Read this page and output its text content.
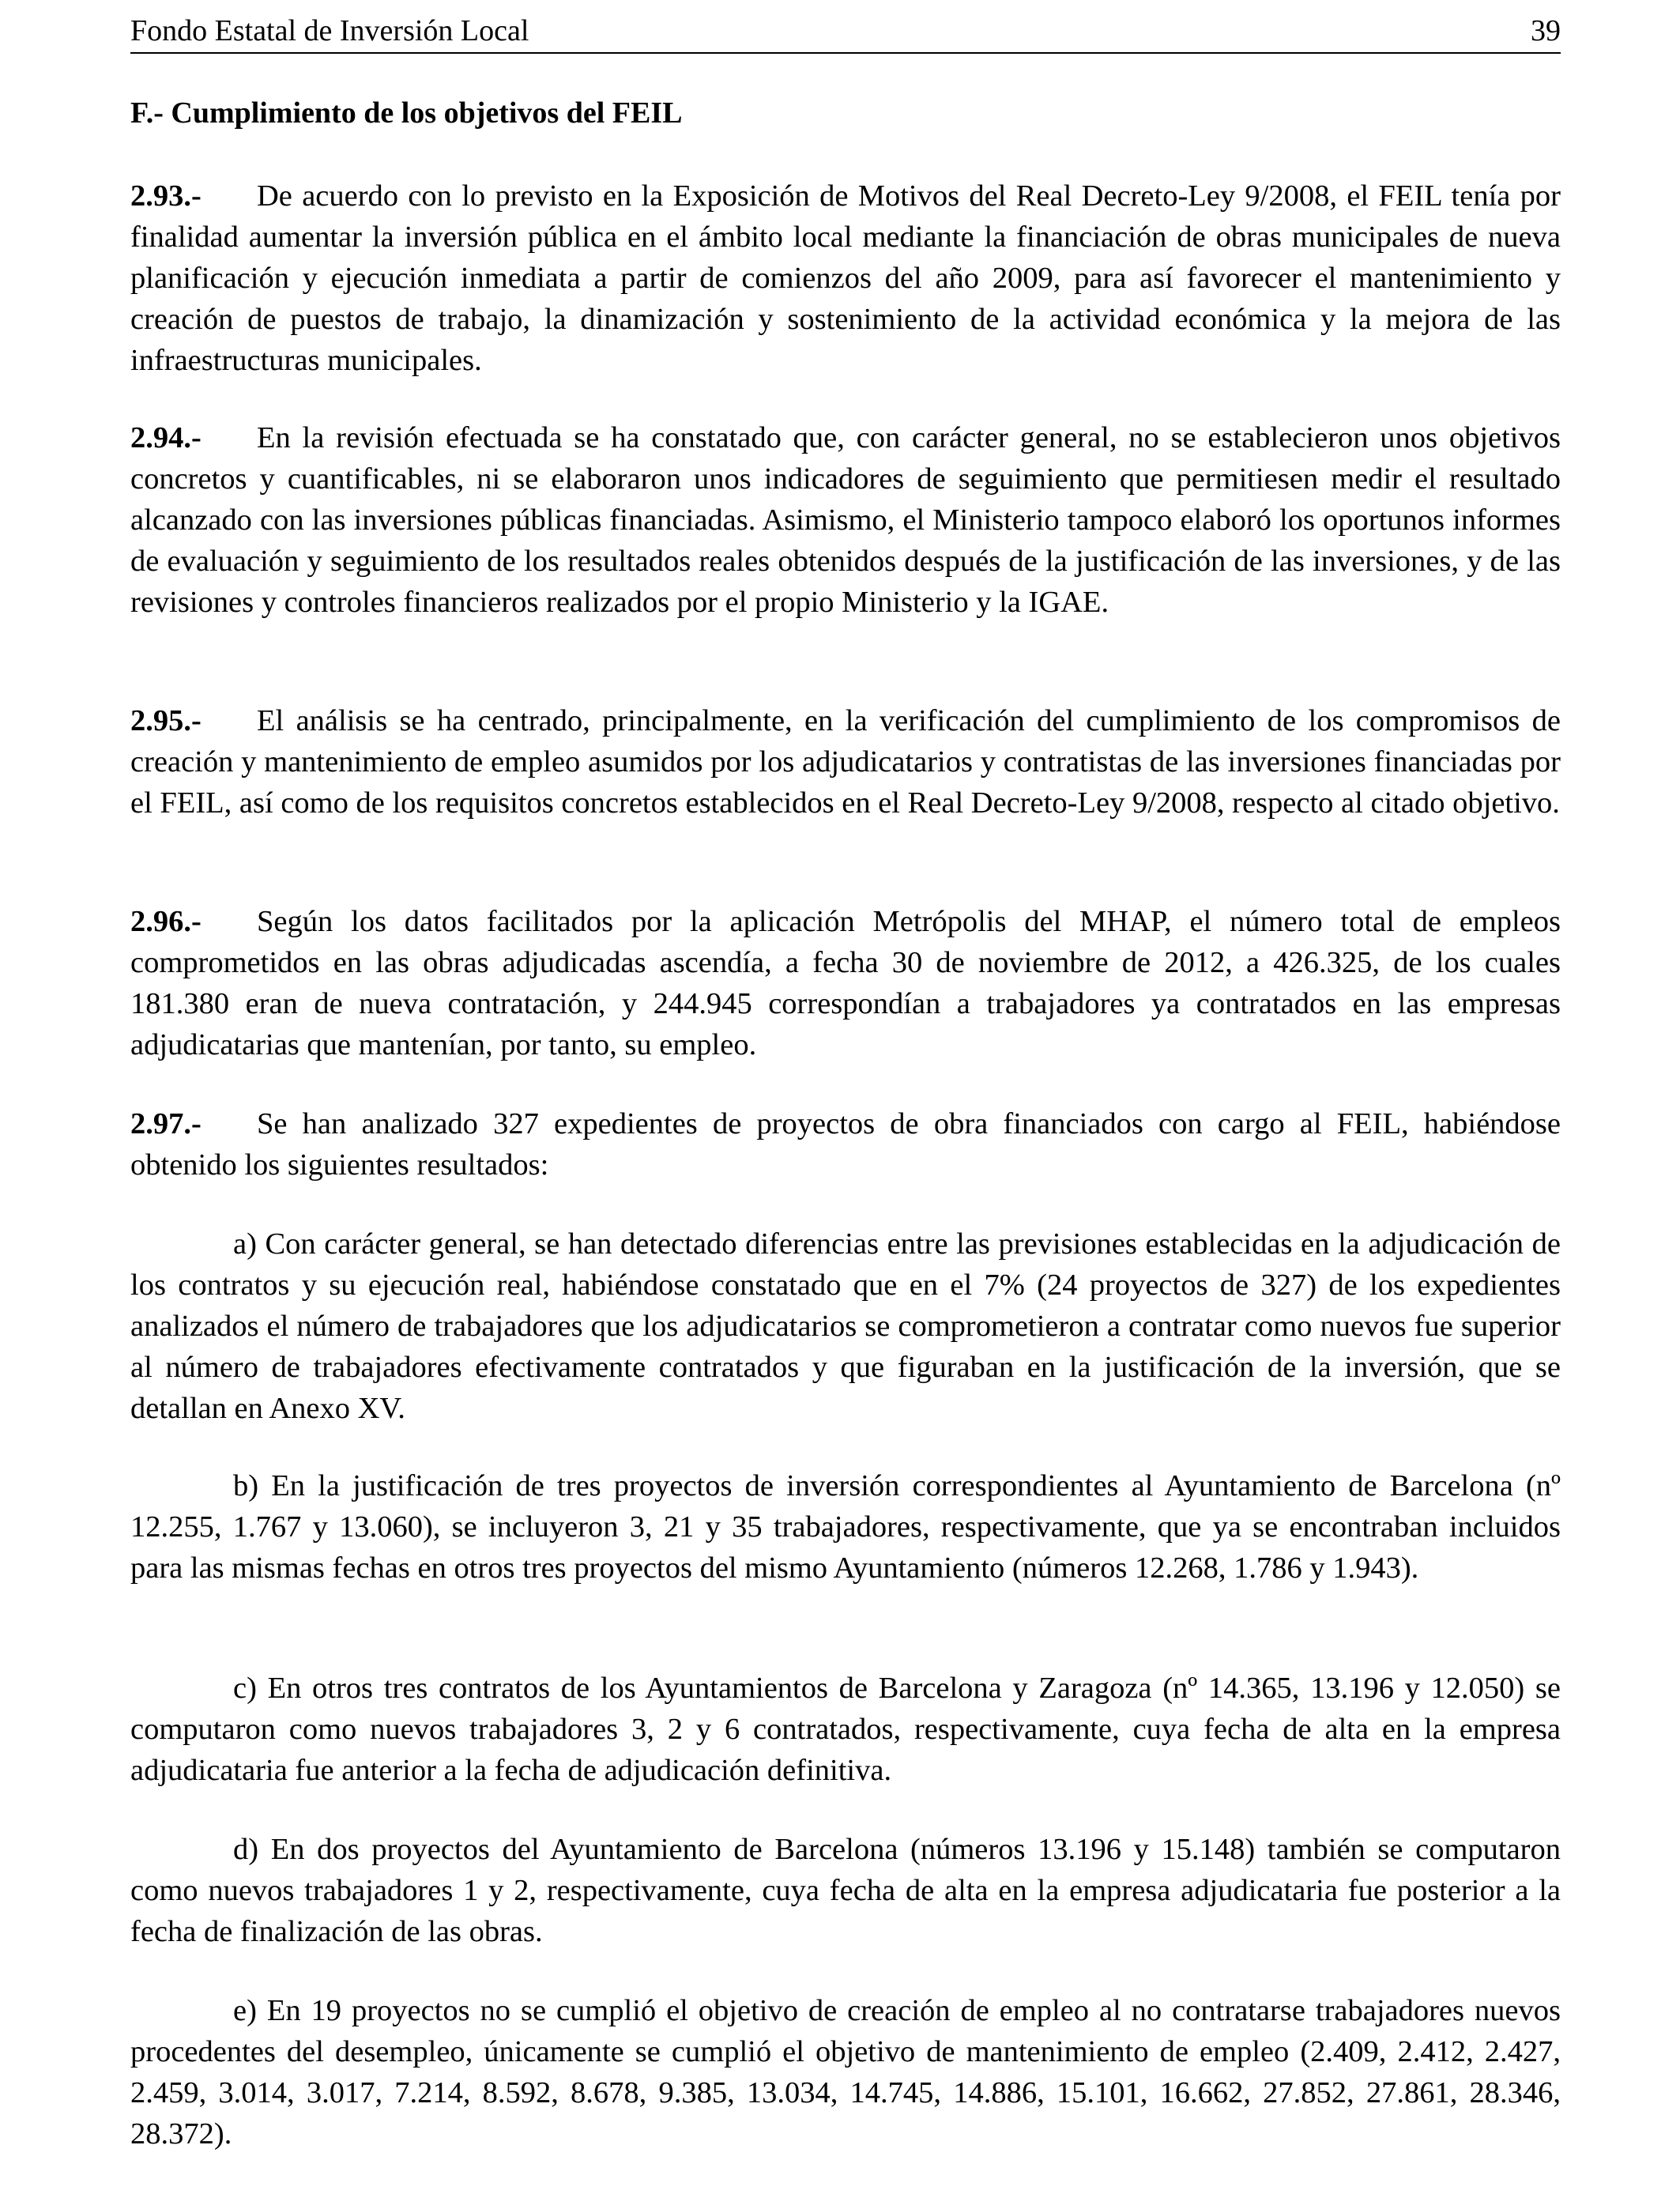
Fondo Estatal de Inversión Local	39
F.- Cumplimiento de los objetivos del FEIL

2.93.- De acuerdo con lo previsto en la Exposición de Motivos del Real Decreto-Ley 9/2008, el FEIL tenía por finalidad aumentar la inversión pública en el ámbito local mediante la financiación de obras municipales de nueva planificación y ejecución inmediata a partir de comienzos del año 2009, para así favorecer el mantenimiento y creación de puestos de trabajo, la dinamización y sostenimiento de la actividad económica y la mejora de las infraestructuras municipales.

2.94.- En la revisión efectuada se ha constatado que, con carácter general, no se establecieron unos objetivos concretos y cuantificables, ni se elaboraron unos indicadores de seguimiento que permitiesen medir el resultado alcanzado con las inversiones públicas financiadas. Asimismo, el Ministerio tampoco elaboró los oportunos informes de evaluación y seguimiento de los resultados reales obtenidos después de la justificación de las inversiones, y de las revisiones y controles financieros realizados por el propio Ministerio y la IGAE.

2.95.- El análisis se ha centrado, principalmente, en la verificación del cumplimiento de los compromisos de creación y mantenimiento de empleo asumidos por los adjudicatarios y contratistas de las inversiones financiadas por el FEIL, así como de los requisitos concretos establecidos en el Real Decreto-Ley 9/2008, respecto al citado objetivo.

2.96.- Según los datos facilitados por la aplicación Metrópolis del MHAP, el número total de empleos comprometidos en las obras adjudicadas ascendía, a fecha 30 de noviembre de 2012, a 426.325, de los cuales 181.380 eran de nueva contratación, y 244.945 correspondían a trabajadores ya contratados en las empresas adjudicatarias que mantenían, por tanto, su empleo.

2.97.- Se han analizado 327 expedientes de proyectos de obra financiados con cargo al FEIL, habiéndose obtenido los siguientes resultados:

a) Con carácter general, se han detectado diferencias entre las previsiones establecidas en la adjudicación de los contratos y su ejecución real, habiéndose constatado que en el 7% (24 proyectos de 327) de los expedientes analizados el número de trabajadores que los adjudicatarios se comprometieron a contratar como nuevos fue superior al número de trabajadores efectivamente contratados y que figuraban en la justificación de la inversión, que se detallan en Anexo XV.

b) En la justificación de tres proyectos de inversión correspondientes al Ayuntamiento de Barcelona (nº 12.255, 1.767 y 13.060), se incluyeron 3, 21 y 35 trabajadores, respectivamente, que ya se encontraban incluidos para las mismas fechas en otros tres proyectos del mismo Ayuntamiento (números 12.268, 1.786 y 1.943).

c) En otros tres contratos de los Ayuntamientos de Barcelona y Zaragoza (nº 14.365, 13.196 y 12.050) se computaron como nuevos trabajadores 3, 2 y 6 contratados, respectivamente, cuya fecha de alta en la empresa adjudicataria fue anterior a la fecha de adjudicación definitiva.

d) En dos proyectos del Ayuntamiento de Barcelona (números 13.196 y 15.148) también se computaron como nuevos trabajadores 1 y 2, respectivamente, cuya fecha de alta en la empresa adjudicataria fue posterior a la fecha de finalización de las obras.

e) En 19 proyectos no se cumplió el objetivo de creación de empleo al no contratarse trabajadores nuevos procedentes del desempleo, únicamente se cumplió el objetivo de mantenimiento de empleo (2.409, 2.412, 2.427, 2.459, 3.014, 3.017, 7.214, 8.592, 8.678, 9.385, 13.034, 14.745, 14.886, 15.101, 16.662, 27.852, 27.861, 28.346, 28.372).
